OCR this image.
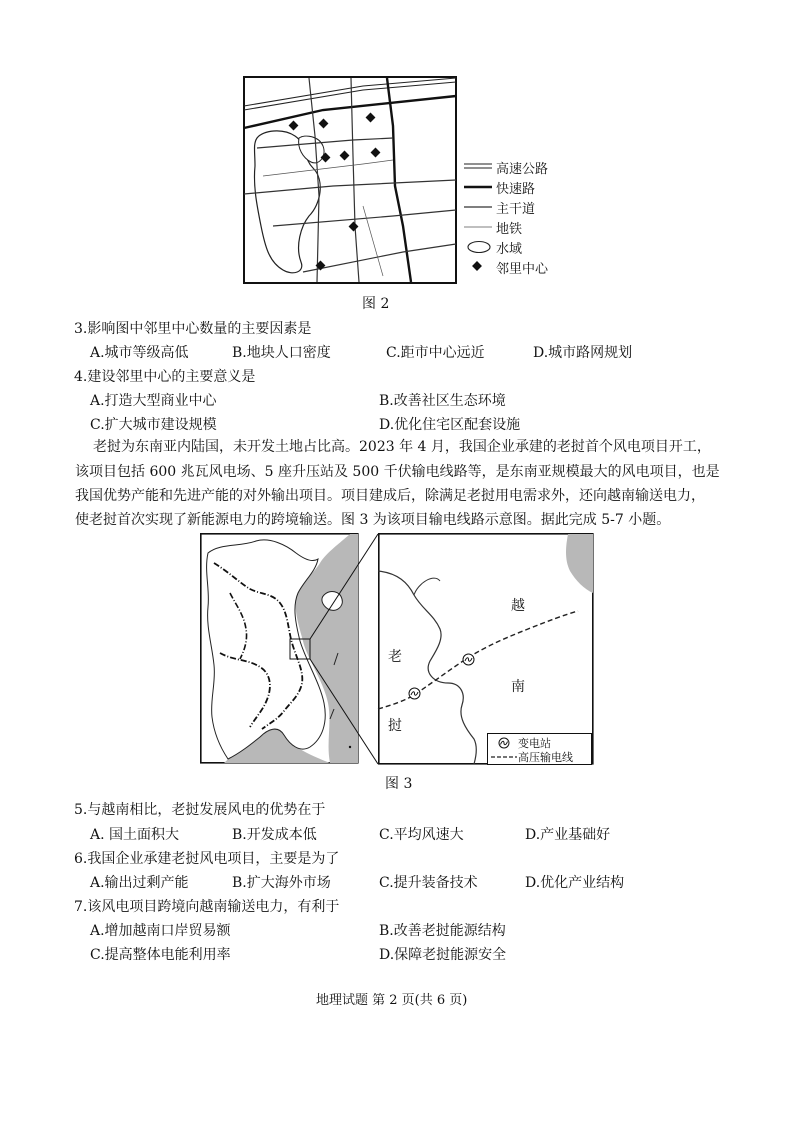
高速公路
快速路
主干道
地铁
水域
邻里中心
图 2
3.影响图中邻里中心数量的主要因素是
A.城市等级高低	B.地块人口密度	C.距市中心远近	D.城市路网规划
4.建设邻里中心的主要意义是
A.打造大型商业中心	B.改善社区生态环境
C.扩大城市建设规模	D.优化住宅区配套设施
老挝为东南亚内陆国，未开发土地占比高。2023 年 4 月，我国企业承建的老挝首个风电项目开工，
该项目包括 600 兆瓦风电场、5 座升压站及 500 千伏输电线路等，是东南亚规模最大的风电项目，也是
我国优势产能和先进产能的对外输出项目。项目建成后，除满足老挝用电需求外，还向越南输送电力，
使老挝首次实现了新能源电力的跨境输送。图 3 为该项目输电线路示意图。据此完成 5-7 小题。
越
南
老
挝
变电站
高压输电线
图 3
5.与越南相比，老挝发展风电的优势在于
A. 国土面积大	B.开发成本低	C.平均风速大	D.产业基础好
6.我国企业承建老挝风电项目，主要是为了
A.输出过剩产能	B.扩大海外市场	C.提升装备技术	D.优化产业结构
7.该风电项目跨境向越南输送电力，有利于
A.增加越南口岸贸易额	B.改善老挝能源结构
C.提高整体电能利用率	D.保障老挝能源安全
地理试题 第 2 页(共 6 页)
